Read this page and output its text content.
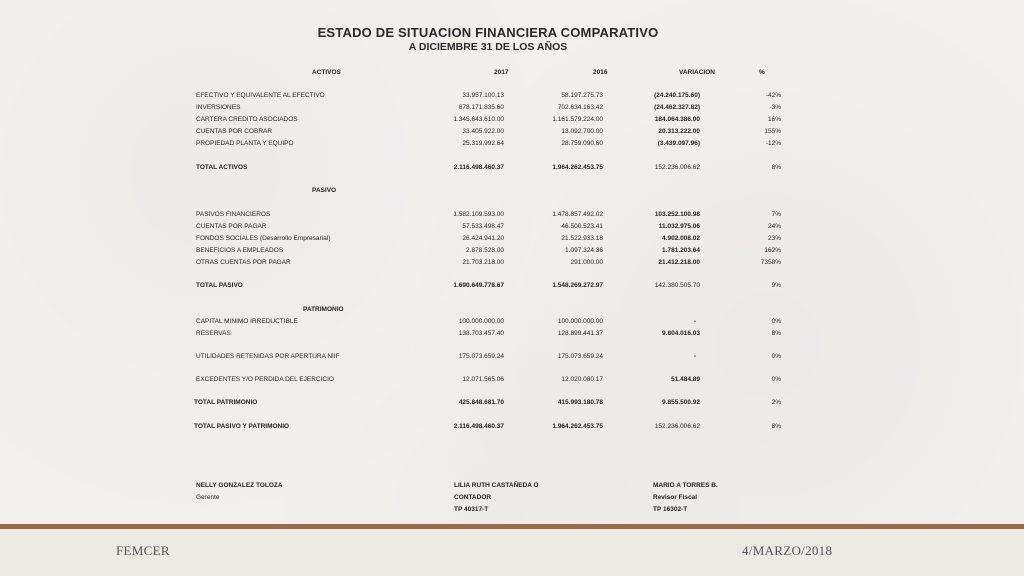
ESTADO DE SITUACION FINANCIERA COMPARATIVO
A DICIEMBRE 31 DE LOS AÑOS
ACTIVOS	2017	2016	VARIACION	%
EFECTIVO Y EQUIVALENTE AL EFECTIVO	33.957.100.13	58.197.275.73	(24.240.175.60)	-42%
INVERSIONES	678.171.835.60	702.634.163.42	(24.462.327.82)	-3%
CARTERA CREDITO ASOCIADOS	1.345.643.610.00	1.161.579.224.00	184.064.386.00	16%
CUENTAS POR COBRAR	33.405.922.00	13.092.700.00	20.313.222.00	155%
PROPIEDAD PLANTA Y EQUIPO	25.319.992.64	28.759.090.60	(3.439.097.96)	-12%
TOTAL ACTIVOS	2.116.498.460.37	1.964.262.453.75	152.236.006.62	8%
PASIVO
PASIVOS FINANCIEROS	1.582.109.593.00	1.478.857.492.02	103.252.100.98	7%
CUENTAS POR PAGAR	57.533.498.47	46.500.523.41	11.032.975.06	24%
FONDOS SOCIALES (Desarrollo Empresarial)	26.424.941.20	21.522.933.18	4.902.008.02	23%
BENEFICIOS A EMPLEADOS	2.878.528.00	1.097.324.36	1.781.203.64	162%
OTRAS CUENTAS POR PAGAR	21.703.218.00	291.000.00	21.412.218.00	7358%
TOTAL PASIVO	1.690.649.778.67	1.548.269.272.97	142.380.505.70	9%
PATRIMONIO
CAPITAL MINIMO IRREDUCTIBLE	100.000.000.00	100.000.000.00	-	0%
RESERVAS	138.703.457.40	128.899.441.37	9.804.016.03	8%
UTILIDADES RETENIDAS POR APERTURA NIIF	175.073.659.24	175.073.659.24	-	0%
EXCEDENTES Y/O PERDIDA DEL EJERCICIO	12.071.565.06	12.020.080.17	51.484.89	0%
TOTAL PATRIMONIO	425.848.681.70	415.993.180.78	9.855.500.92	2%
TOTAL PASIVO Y PATRIMONIO	2.116.498.460.37	1.964.262.453.75	152.236.006.62	8%
NELLY GONZALEZ TOLOZA
Gerente
LILIA RUTH CASTAÑEDA O
CONTADOR
TP 40317-T
MARIO A TORRES B.
Revisor Fiscal
TP 16302-T
FEMCER	4/MARZO/2018
